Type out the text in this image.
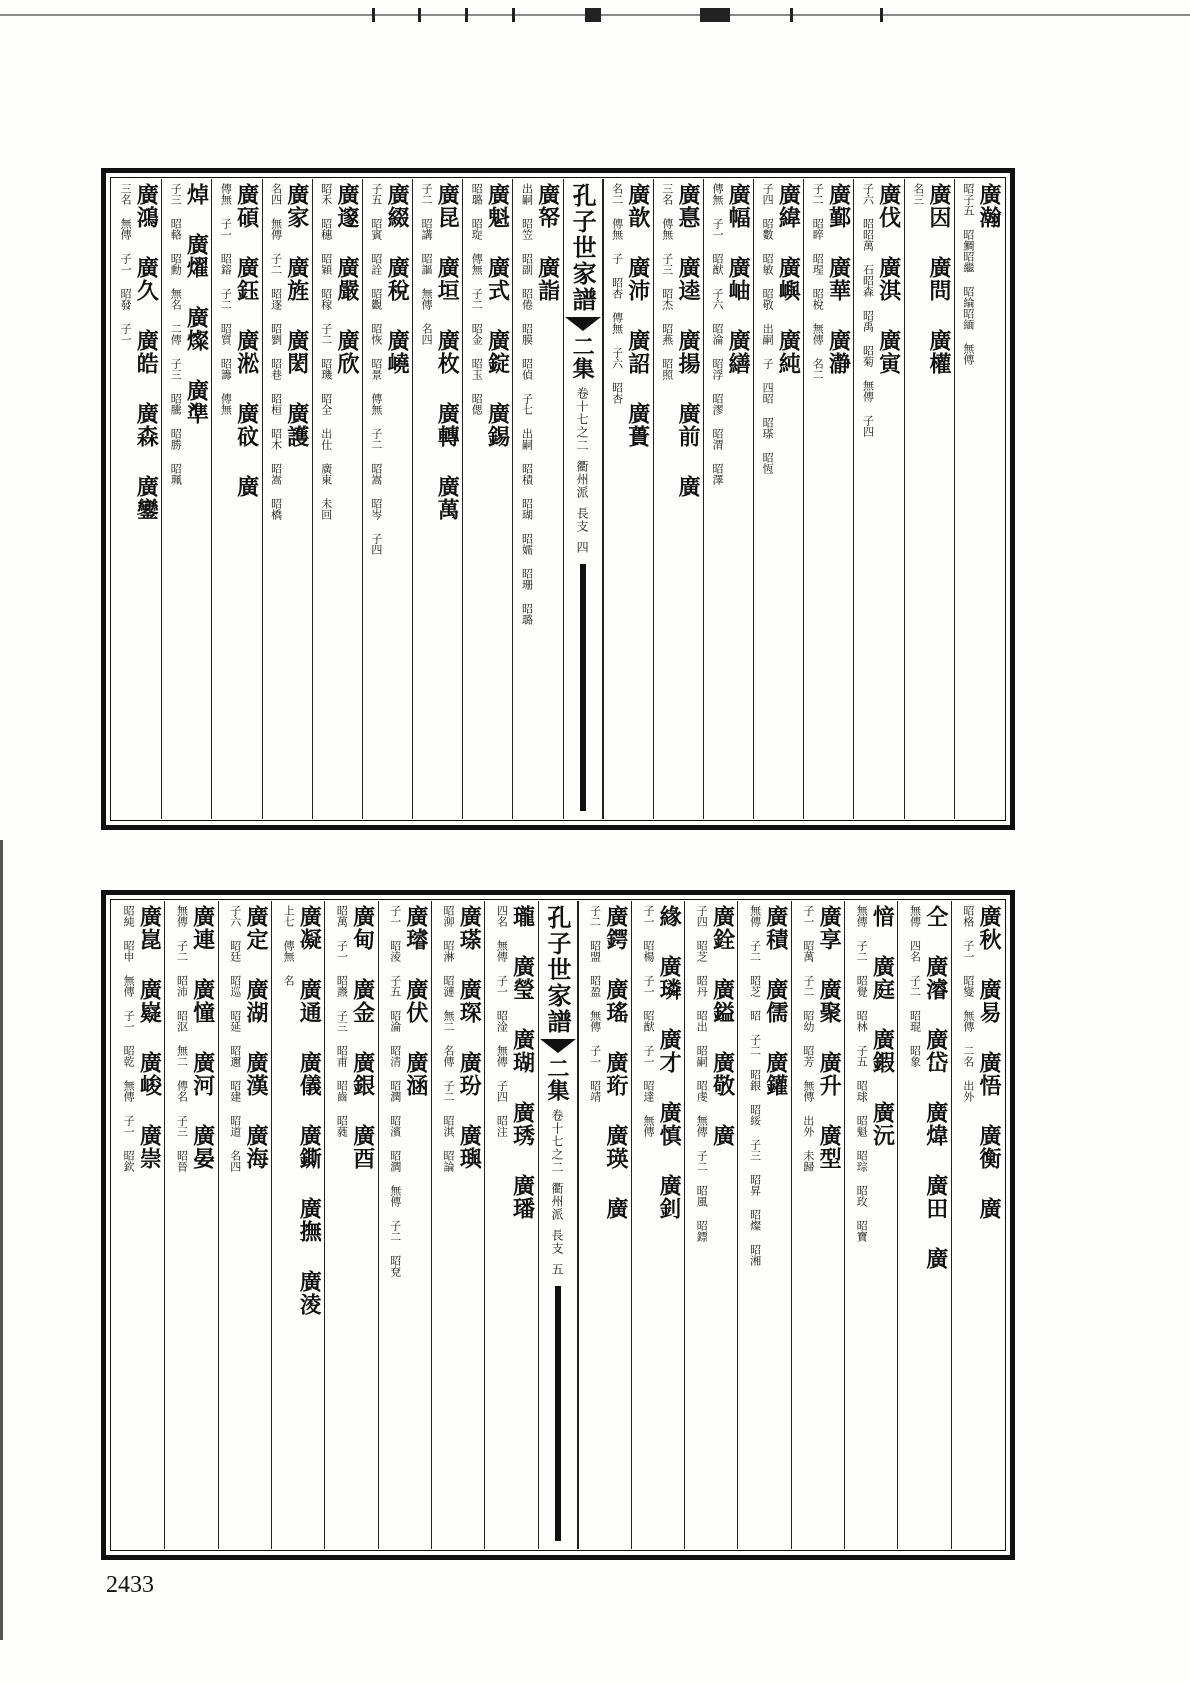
廣瀚
昭子五 昭鯛昭繼 昭綸昭緬 無傳
廣因 廣問 廣權
名三
廣伐 廣淇 廣寅
子六 昭昭萬 石昭森 昭禹 昭菊 無傳 子四
廣鄞 廣華 廣瀞
子二 昭睟 昭瑆 昭梲 無傳 名二
廣緯 廣嶼 廣純
子四 昭數 昭敏 昭敬 出嗣 子 四昭 昭瑹 昭恆
廣幅 廣岫 廣繕
傳無 子一 昭猷 子六 昭淪 昭浮 昭漻 昭渭 昭澤
廣惪 廣逵 廣揚 廣前 廣
三名 傳無 子三 昭杰 昭燕 昭照
廣歆 廣沛 廣詔 廣蕢
名二 傳無 子 昭杏 傳無 子六 昭杏
孔子世家譜
二集
卷十七之二
衢州派
長支
四
廣帑 廣詣
出嗣 昭笠 昭副 昭倦 昭膜 昭偵 子七 出嗣 昭積 昭瑚 昭嬬 昭珊 昭璐
廣魁 廣式 廣錠 廣錫
昭璐 昭琁 傳無 子二 昭金 昭玉 昭偲
廣昆 廣垣 廣枚 廣轉 廣萬
子二 昭講 昭謳 無傳 名四
廣綴 廣稅 廣嶢
子五 昭賓 昭詮 昭觀 昭恢 昭景 傳無 子二 昭嵩 昭岑 子四
廣邃 廣嚴 廣欣
昭禾 昭穗 昭穎 昭稼 子二 昭璣 昭全 出仕 廣東 未回
廣家 廣旌 廣閎 廣護
名四 無傳 子二 昭逐 昭劉 昭巷 昭桓 昭木 昭嵩 昭橋
廣碩 廣鈺 廣淞 廣砇 廣
傳無 子一 昭鎔 子二 昭質 昭籌 傳無
焯 廣燿 廣燦 廣準
子三 昭輅 昭勳 無名 二傳 子三 昭騰 昭勝 昭珮
廣鴻 廣久 廣皓 廣森 廣鑾
三名 無傳 子一 昭發 子一
廣秋 廣易 廣悟 廣衡 廣
昭格 子一 昭燮 無傳 二名 出外
仝 廣濬 廣岱 廣煒 廣田 廣
無傳 四名 子二 昭琨 昭象
愔 廣庭 廣鍜 廣沅
無傳 子二 昭覺 昭林 子五 昭球 昭魁 昭琮 昭玫 昭寶
廣享 廣聚 廣升 廣型
子一 昭萬 子二 昭幼 昭芳 無傳 出外 未歸
廣積 廣儒 廣鑵
無傳 子二 昭芝 昭 子二 昭銀 昭綏 子三 昭昇 昭燦 昭湘
廣銓 廣鎰 廣敬 廣
子四 昭芝 昭丹 昭出 昭嗣 昭虔 無傳 子二 昭風 昭鏢
緣 廣璘 廣才 廣慎 廣釗
子一 昭楊 子一 昭猷 子一 昭達 無傳
廣鍔 廣瑤 廣珩 廣瑛 廣
子二 昭盟 昭盈 無傳 子一 昭靖
孔子世家譜
二集
卷十七之二
衢州派
長支
五
瓏 廣瑩 廣瑚 廣琇 廣璠
四名 無傳 子一 昭淦 無傳 子四 昭注
廣瑹 廣琛 廣玢 廣璵
昭泖 昭淋 昭漣 無二 名傳 子二 昭淇 昭論
廣璿 廣伏 廣涵
子一 昭淩 子五 昭淪 昭清 昭潤 昭濱 昭澗 無傳 子二 昭兗
廣甸 廣金 廣銀 廣酉
昭萬 子一 昭燾 子三 昭甫 昭齒 昭蕤
廣凝 廣通 廣儀 廣鐁 廣撫 廣淩
上七 傳無 名
廣定 廣湖 廣漢 廣海
子六 昭廷 昭巡 昭延 昭邇 昭建 昭道 名四
廣連 廣憧 廣河 廣晏
無傳 子二 昭沛 昭沤 無二 傳名 子三 昭晉
廣崑 廣嶷 廣峻 廣崇
昭純 昭申 無傳 子一 昭乾 無傳 子一 昭欽
2433
